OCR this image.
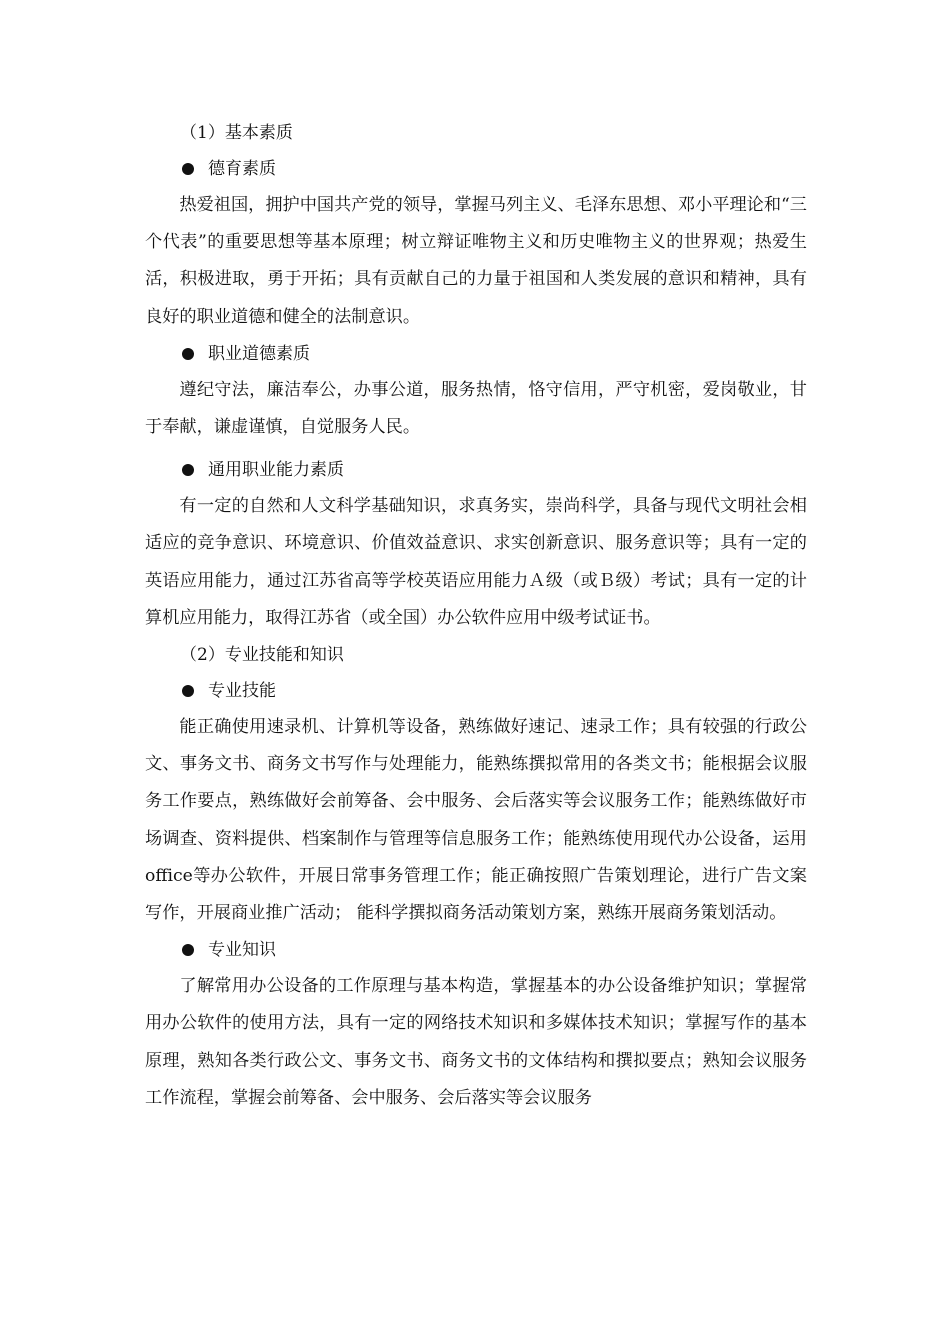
（1）基本素质
德育素质

热爱祖国，拥护中国共产党的领导，掌握马列主义、毛泽东思想、邓小平理论和“三个代表”的重要思想等基本原理；树立辩证唯物主义和历史唯物主义的世界观；热爱生活，积极进取，勇于开拓；具有贡献自己的力量于祖国和人类发展的意识和精神，具有良好的职业道德和健全的法制意识。

职业道德素质

遵纪守法，廉洁奉公，办事公道，服务热情，恪守信用，严守机密，爱岗敬业，甘于奉献，谦虚谨慎，自觉服务人民。

通用职业能力素质

有一定的自然和人文科学基础知识，求真务实，崇尚科学，具备与现代文明社会相适应的竞争意识、环境意识、价值效益意识、求实创新意识、服务意识等；具有一定的英语应用能力，通过江苏省高等学校英语应用能力Ａ级（或Ｂ级）考试；具有一定的计算机应用能力，取得江苏省（或全国）办公软件应用中级考试证书。

（2）专业技能和知识
专业技能

能正确使用速录机、计算机等设备，熟练做好速记、速录工作；具有较强的行政公文、事务文书、商务文书写作与处理能力，能熟练撰拟常用的各类文书；能根据会议服务工作要点，熟练做好会前筹备、会中服务、会后落实等会议服务工作；能熟练做好市场调查、资料提供、档案制作与管理等信息服务工作；能熟练使用现代办公设备，运用office等办公软件，开展日常事务管理工作；能正确按照广告策划理论，进行广告文案写作，开展商业推广活动； 能科学撰拟商务活动策划方案，熟练开展商务策划活动。

专业知识

了解常用办公设备的工作原理与基本构造，掌握基本的办公设备维护知识；掌握常用办公软件的使用方法，具有一定的网络技术知识和多媒体技术知识；掌握写作的基本原理，熟知各类行政公文、事务文书、商务文书的文体结构和撰拟要点；熟知会议服务工作流程，掌握会前筹备、会中服务、会后落实等会议服务
